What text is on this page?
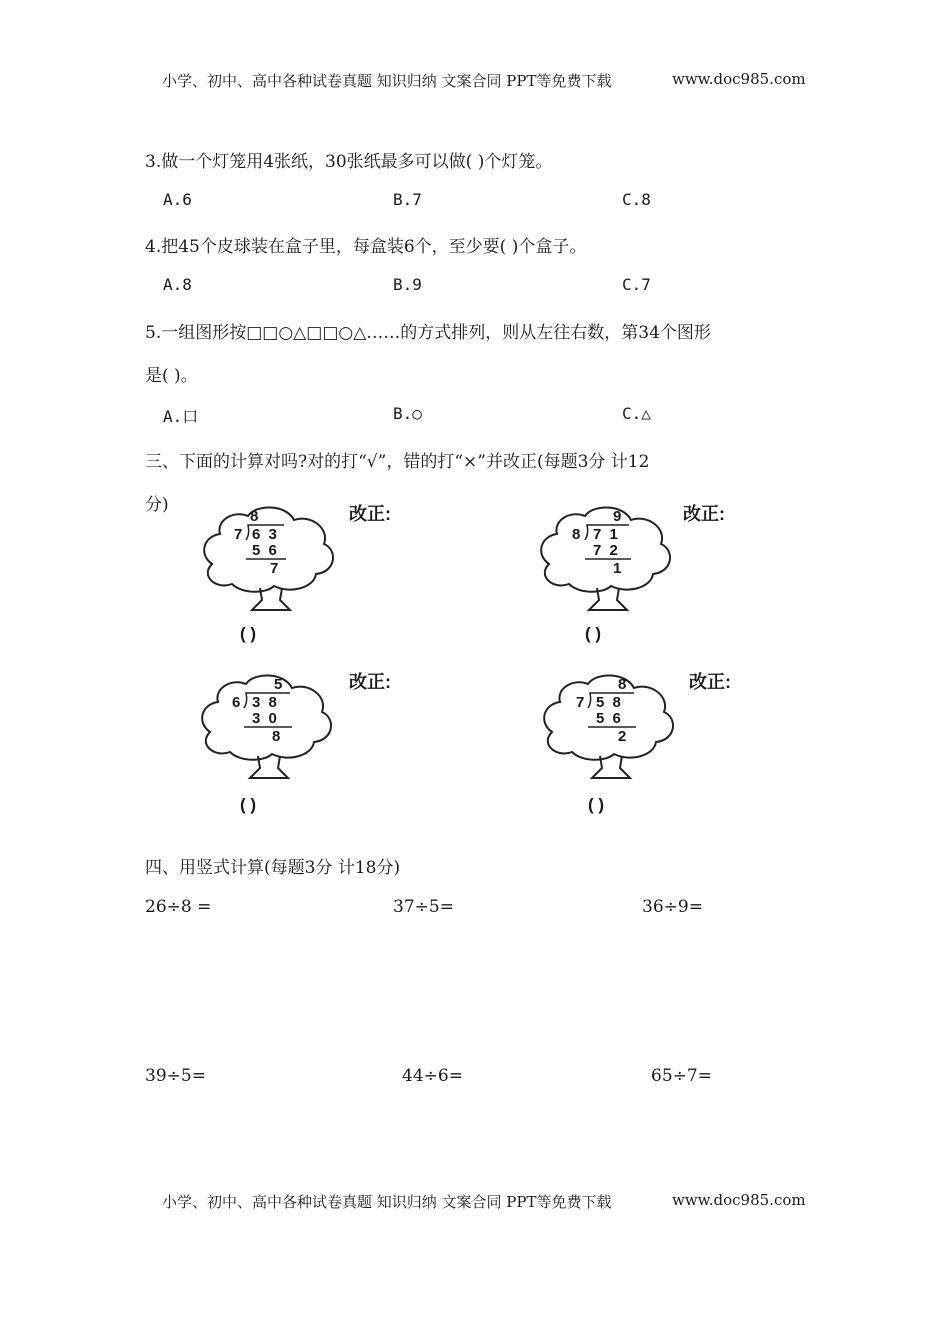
小学、初中、高中各种试卷真题 知识归纳 文案合同 PPT等免费下载	www.doc985.com
3.做一个灯笼用4张纸，30张纸最多可以做( )个灯笼。
A.6	B.7	C.8
4.把45个皮球装在盒子里，每盒装6个，至少要( )个盒子。
A.8	B.9	C.7
5.一组图形按□□○△□□○△……的方式排列，则从左往右数，第34个图形
是( )。
A.口	B.○	C.△
三、下面的计算对吗?对的打“√”，错的打“×”并改正(每题3分 计12
分)
8
7 6 3
5 6
7
( )
改正:	9
8 7 1
7 2
1
( )
改正:
5
6 3 8
3 0
8
( )
改正:	8
7 5 8
5 6
2
( )
改正:
四、用竖式计算(每题3分 计18分)
26÷8 =	37÷5=	36÷9=
39÷5=	44÷6=	65÷7=
小学、初中、高中各种试卷真题 知识归纳 文案合同 PPT等免费下载	www.doc985.com
